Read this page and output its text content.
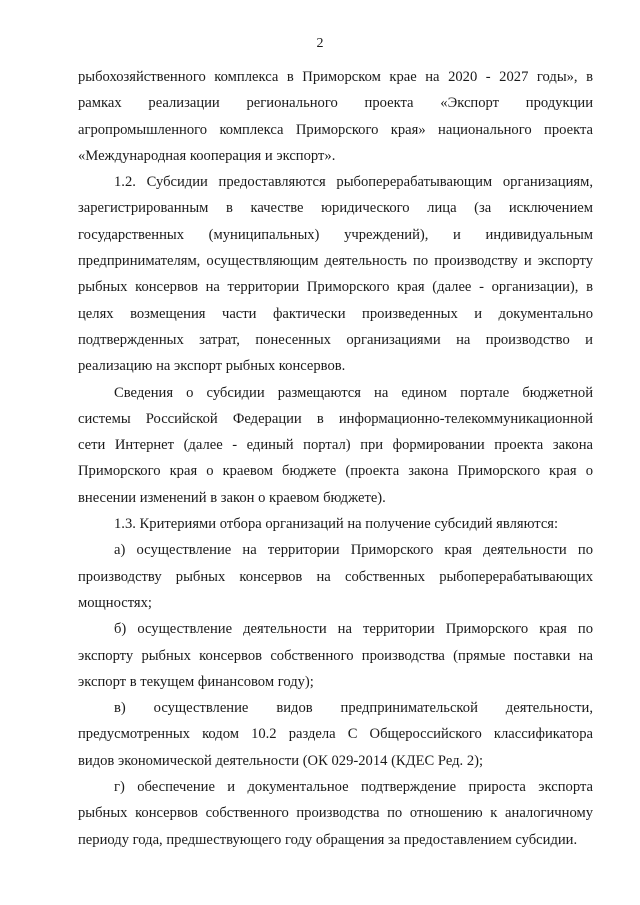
2

рыбохозяйственного комплекса в Приморском крае на 2020 - 2027 годы», в
рамках реализации регионального проекта «Экспорт продукции
агропромышленного комплекса Приморского края» национального проекта
«Международная кооперация и экспорт».

1.2. Субсидии предоставляются рыбоперерабатывающим организациям,
зарегистрированным в качестве юридического лица (за исключением
государственных (муниципальных) учреждений), и индивидуальным
предпринимателям, осуществляющим деятельность по производству и экспорту
рыбных консервов на территории Приморского края (далее - организации), в
целях возмещения части фактически произведенных и документально
подтвержденных затрат, понесенных организациями на производство и
реализацию на экспорт рыбных консервов.

Сведения о субсидии размещаются на едином портале бюджетной
системы Российской Федерации в информационно-телекоммуникационной
сети Интернет (далее - единый портал) при формировании проекта закона
Приморского края о краевом бюджете (проекта закона Приморского края о
внесении изменений в закон о краевом бюджете).

1.3. Критериями отбора организаций на получение субсидий являются:

а) осуществление на территории Приморского края деятельности по
производству рыбных консервов на собственных рыбоперерабатывающих
мощностях;

б) осуществление деятельности на территории Приморского края по
экспорту рыбных консервов собственного производства (прямые поставки на
экспорт в текущем финансовом году);

в) осуществление видов предпринимательской деятельности,
предусмотренных кодом 10.2 раздела С Общероссийского классификатора
видов экономической деятельности (ОК 029-2014 (КДЕС Ред. 2);

г) обеспечение и документальное подтверждение прироста экспорта
рыбных консервов собственного производства по отношению к аналогичному
периоду года, предшествующего году обращения за предоставлением субсидии.
